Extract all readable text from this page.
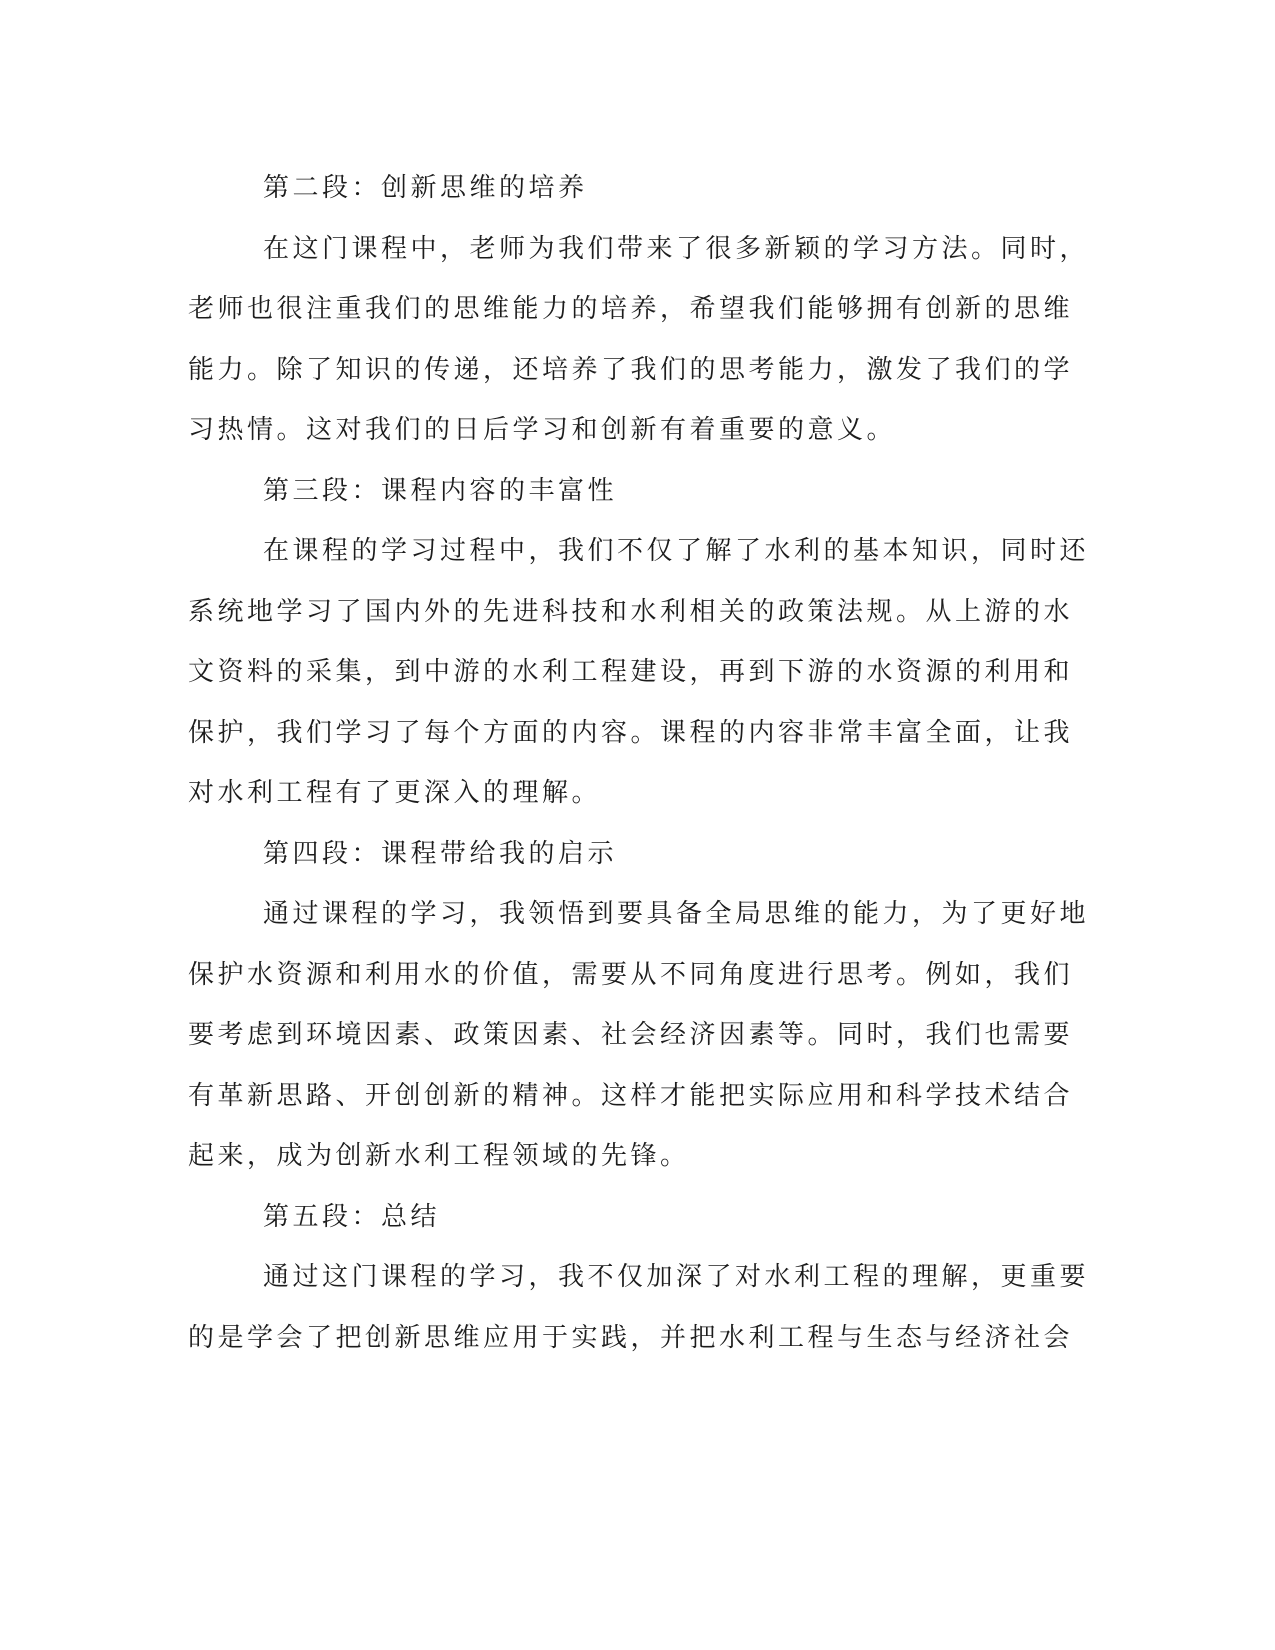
第二段：创新思维的培养
在这门课程中，老师为我们带来了很多新颖的学习方法。同时，
老师也很注重我们的思维能力的培养，希望我们能够拥有创新的思维
能力。除了知识的传递，还培养了我们的思考能力，激发了我们的学
习热情。这对我们的日后学习和创新有着重要的意义。
第三段：课程内容的丰富性
在课程的学习过程中，我们不仅了解了水利的基本知识，同时还
系统地学习了国内外的先进科技和水利相关的政策法规。从上游的水
文资料的采集，到中游的水利工程建设，再到下游的水资源的利用和
保护，我们学习了每个方面的内容。课程的内容非常丰富全面，让我
对水利工程有了更深入的理解。
第四段：课程带给我的启示
通过课程的学习，我领悟到要具备全局思维的能力，为了更好地
保护水资源和利用水的价值，需要从不同角度进行思考。例如，我们
要考虑到环境因素、政策因素、社会经济因素等。同时，我们也需要
有革新思路、开创创新的精神。这样才能把实际应用和科学技术结合
起来，成为创新水利工程领域的先锋。
第五段：总结
通过这门课程的学习，我不仅加深了对水利工程的理解，更重要
的是学会了把创新思维应用于实践，并把水利工程与生态与经济社会
